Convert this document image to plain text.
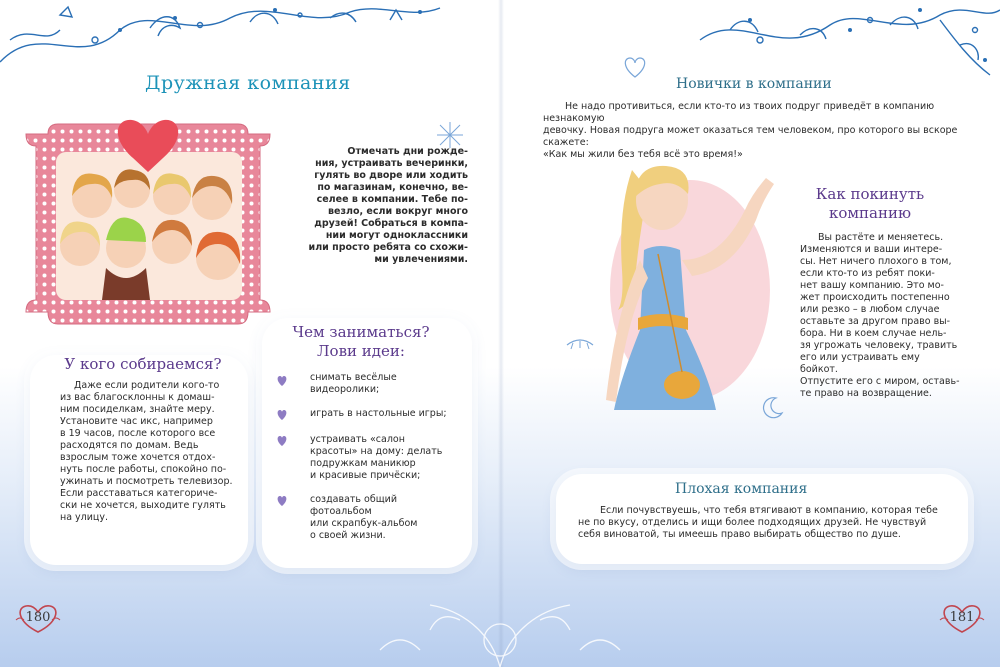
Дружная компания
Отмечать дни рожде-
ния, устраивать вечеринки,
гулять во дворе или ходить
по магазинам, конечно, ве-
селее в компании. Тебе по-
везло, если вокруг много
друзей! Собраться в компа-
нии могут одноклассники
или просто ребята со схожи-
ми увлечениями.
У кого собираемся?
Даже если родители кого-то
из вас благосклонны к домаш-
ним посиделкам, знайте меру.
Установите час икс, например
в 19 часов, после которого все
расходятся по домам. Ведь
взрослым тоже хочется отдох-
нуть после работы, спокойно по-
ужинать и посмотреть телевизор.
Если расставаться категориче-
ски не хочется, выходите гулять
на улицу.
Чем заниматься?
Лови идеи:
снимать весёлые
видеоролики;
играть в настольные игры;
устраивать «салон
красоты» на дому: делать
подружкам маникюр
и красивые причёски;
создавать общий
фотоальбом
или скрапбук-альбом
о своей жизни.
180
Новички в компании
Не надо противиться, если кто-то из твоих подруг приведёт в компанию незнакомую
девочку. Новая подруга может оказаться тем человеком, про которого вы вскоре скажете:
«Как мы жили без тебя всё это время!»
Как покинуть
компанию
Вы растёте и меняетесь.
Изменяются и ваши интере-
сы. Нет ничего плохого в том,
если кто-то из ребят поки-
нет вашу компанию. Это мо-
жет происходить постепенно
или резко – в любом случае
оставьте за другом право вы-
бора. Ни в коем случае нель-
зя угрожать человеку, травить
его или устраивать ему бойкот.
Отпустите его с миром, оставь-
те право на возвращение.
Плохая компания
Если почувствуешь, что тебя втягивают в компанию, которая тебе
не по вкусу, отделись и ищи более подходящих друзей. Не чувствуй
себя виноватой, ты имеешь право выбирать общество по душе.
181
